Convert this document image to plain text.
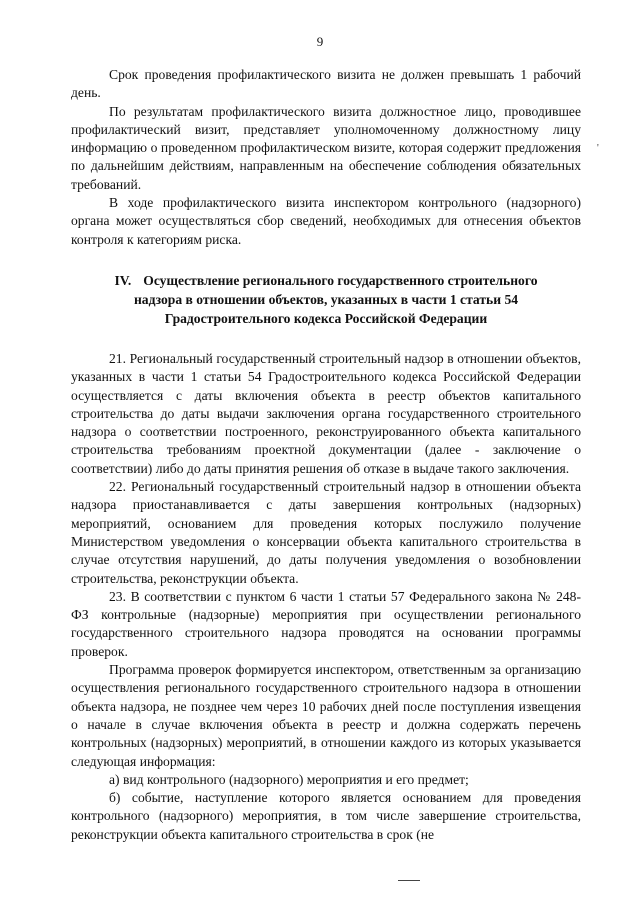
9
'

Срок проведения профилактического визита не должен превышать 1 рабочий день.

По результатам профилактического визита должностное лицо, проводившее профилактический визит, представляет уполномоченному должностному лицу информацию о проведенном профилактическом визите, которая содержит предложения по дальнейшим действиям, направленным на обеспечение соблюдения обязательных требований.

В ходе профилактического визита инспектором контрольного (надзорного) органа может осуществляться сбор сведений, необходимых для отнесения объектов контроля к категориям риска.

IV. Осуществление регионального государственного строительного надзора в отношении объектов, указанных в части 1 статьи 54 Градостроительного кодекса Российской Федерации

21. Региональный государственный строительный надзор в отношении объектов, указанных в части 1 статьи 54 Градостроительного кодекса Российской Федерации осуществляется с даты включения объекта в реестр объектов капитального строительства до даты выдачи заключения органа государственного строительного надзора о соответствии построенного, реконструированного объекта капитального строительства требованиям проектной документации (далее - заключение о соответствии) либо до даты принятия решения об отказе в выдаче такого заключения.

22. Региональный государственный строительный надзор в отношении объекта надзора приостанавливается с даты завершения контрольных (надзорных) мероприятий, основанием для проведения которых послужило получение Министерством уведомления о консервации объекта капитального строительства в случае отсутствия нарушений, до даты получения уведомления о возобновлении строительства, реконструкции объекта.

23. В соответствии с пунктом 6 части 1 статьи 57 Федерального закона № 248-ФЗ контрольные (надзорные) мероприятия при осуществлении регионального государственного строительного надзора проводятся на основании программы проверок.

Программа проверок формируется инспектором, ответственным за организацию осуществления регионального государственного строительного надзора в отношении объекта надзора, не позднее чем через 10 рабочих дней после поступления извещения о начале в случае включения объекта в реестр и должна содержать перечень контрольных (надзорных) мероприятий, в отношении каждого из которых указывается следующая информация:

а) вид контрольного (надзорного) мероприятия и его предмет;

б) событие, наступление которого является основанием для проведения контрольного (надзорного) мероприятия, в том числе завершение строительства, реконструкции объекта капитального строительства в срок (не
